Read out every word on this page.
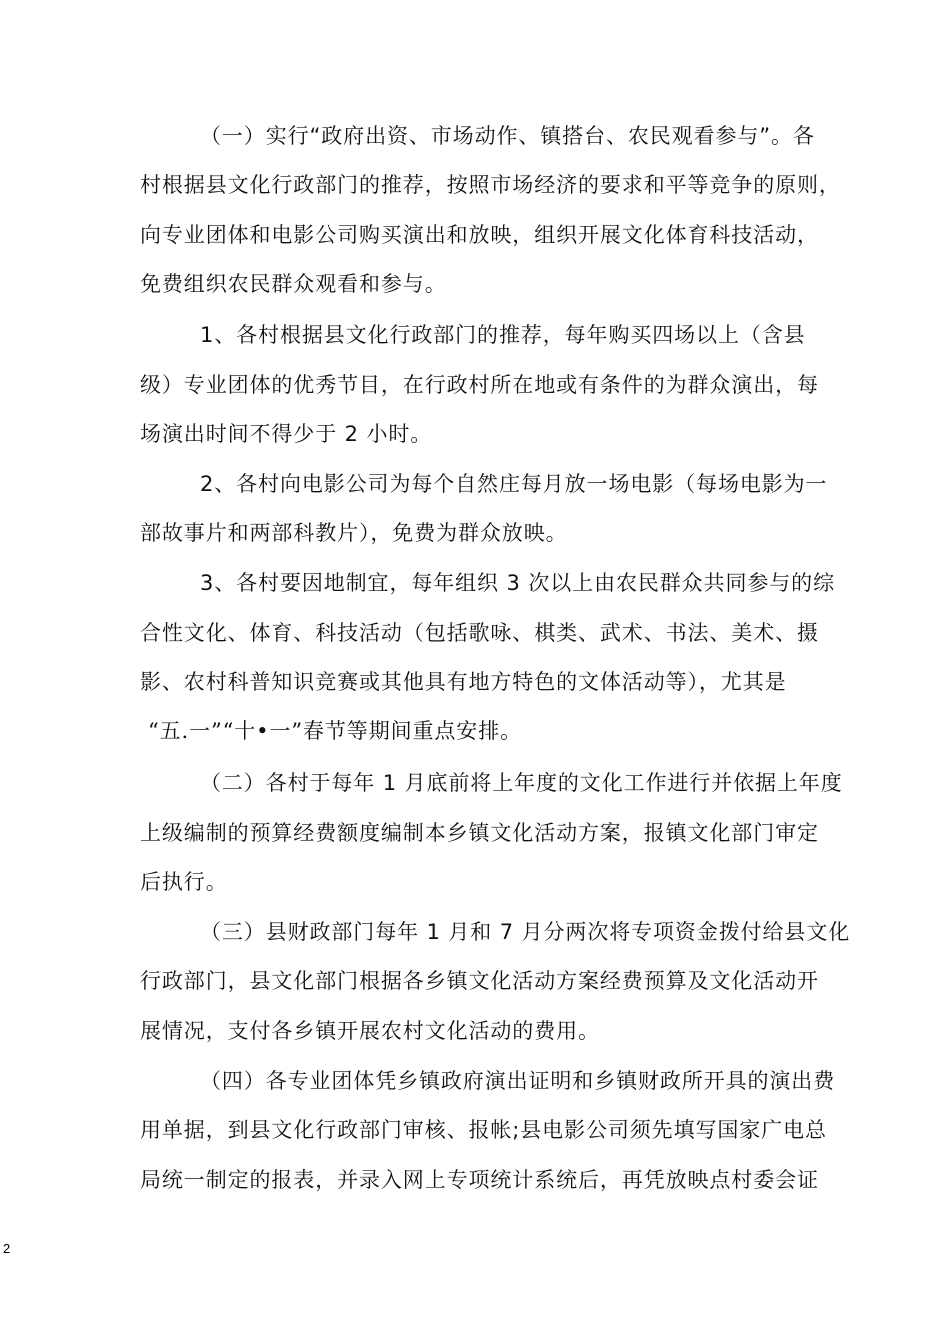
（一）实行“政府出资、市场动作、镇搭台、农民观看参与”。各
村根据县文化行政部门的推荐，按照市场经济的要求和平等竞争的原则，
向专业团体和电影公司购买演出和放映，组织开展文化体育科技活动，
免费组织农民群众观看和参与。
1、各村根据县文化行政部门的推荐，每年购买四场以上（含县
级）专业团体的优秀节目，在行政村所在地或有条件的为群众演出，每
场演出时间不得少于 2 小时。
2、各村向电影公司为每个自然庄每月放一场电影（每场电影为一
部故事片和两部科教片），免费为群众放映。
3、各村要因地制宜，每年组织 3 次以上由农民群众共同参与的综
合性文化、体育、科技活动（包括歌咏、棋类、武术、书法、美术、摄
影、农村科普知识竞赛或其他具有地方特色的文体活动等），尤其是
“五.一”“十•一”春节等期间重点安排。
（二）各村于每年 1 月底前将上年度的文化工作进行并依据上年度
上级编制的预算经费额度编制本乡镇文化活动方案，报镇文化部门审定
后执行。
（三）县财政部门每年 1 月和 7 月分两次将专项资金拨付给县文化
行政部门，县文化部门根据各乡镇文化活动方案经费预算及文化活动开
展情况，支付各乡镇开展农村文化活动的费用。
（四）各专业团体凭乡镇政府演出证明和乡镇财政所开具的演出费
用单据，到县文化行政部门审核、报帐;县电影公司须先填写国家广电总
局统一制定的报表，并录入网上专项统计系统后，再凭放映点村委会证
2
